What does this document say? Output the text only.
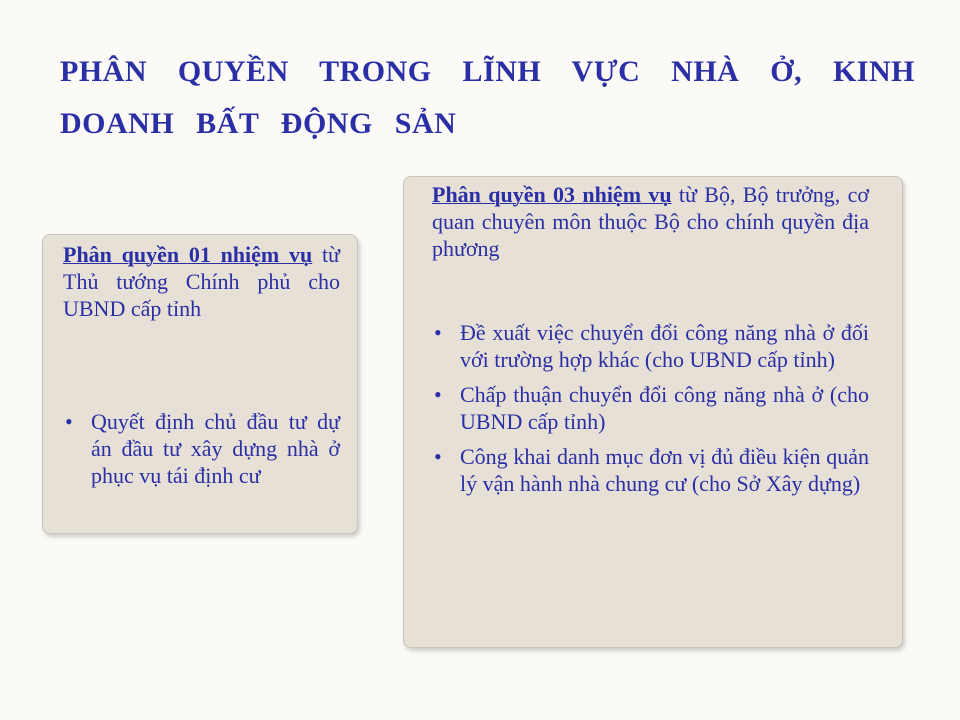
PHÂN QUYỀN TRONG LĨNH VỰC NHÀ Ở, KINH DOANH BẤT ĐỘNG SẢN

Phân quyền 01 nhiệm vụ từ Thủ tướng Chính phủ cho UBND cấp tỉnh

• Quyết định chủ đầu tư dự án đầu tư xây dựng nhà ở phục vụ tái định cư

Phân quyền 03 nhiệm vụ từ Bộ, Bộ trưởng, cơ quan chuyên môn thuộc Bộ cho chính quyền địa phương

• Đề xuất việc chuyển đổi công năng nhà ở đối với trường hợp khác (cho UBND cấp tỉnh)
• Chấp thuận chuyển đổi công năng nhà ở (cho UBND cấp tỉnh)
• Công khai danh mục đơn vị đủ điều kiện quản lý vận hành nhà chung cư (cho Sở Xây dựng)
